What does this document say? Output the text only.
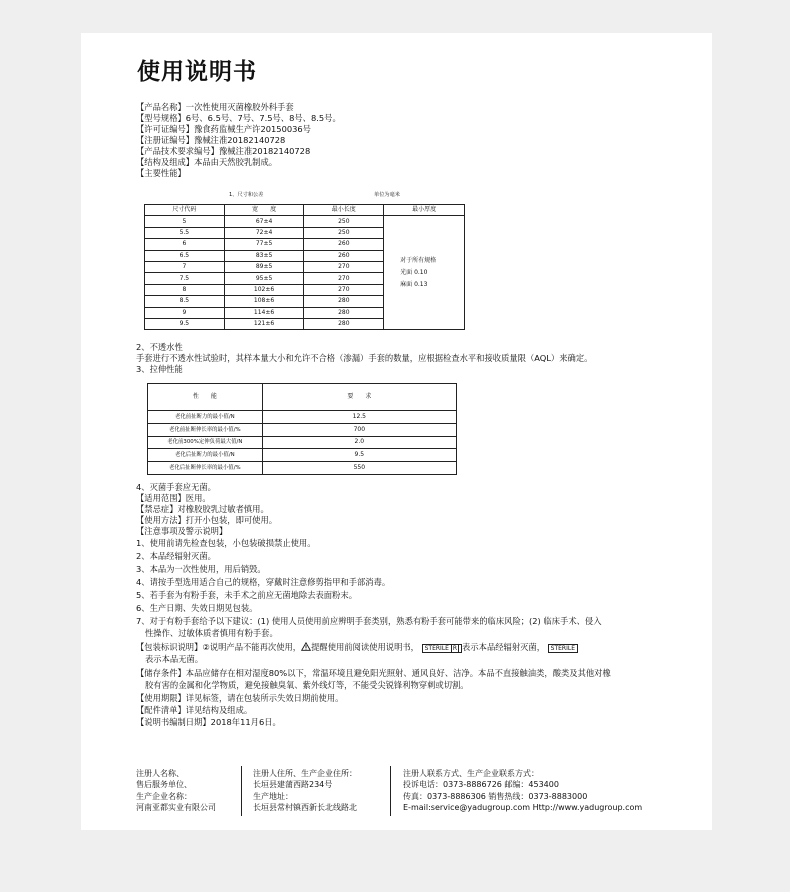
使用说明书
【产品名称】一次性使用灭菌橡胶外科手套
【型号规格】6号、6.5号、7号、7.5号、8号、8.5号。
【许可证编号】豫食药监械生产许20150036号
【注册证编号】豫械注准20182140728
【产品技术要求编号】豫械注准20182140728
【结构及组成】本品由天然胶乳制成。
【主要性能】
1、尺寸和公差	单位为毫米
尺寸代码	宽　　度	最小长度	最小厚度
5	67±4	250	对于所有规格
光面 0.10
麻面 0.13

5.5	72±4	250	
6	77±5	260	
6.5	83±5	260	
7	89±5	270	
7.5	95±5	270	
8	102±6	270	
8.5	108±6	280	
9	114±6	280	
9.5	121±6	280	
2、不透水性
手套进行不透水性试验时，其样本量大小和允许不合格（渗漏）手套的数量，应根据检查水平和接收质量限（AQL）来确定。
3、拉伸性能
性　　能	要　　求
老化前扯断力的最小值/N	12.5
老化前扯断伸长率的最小值/%	700
老化前300%定伸负荷最大值/N	2.0
老化后扯断力的最小值/N	9.5
老化后扯断伸长率的最小值/%	550
4、灭菌手套应无菌。
【适用范围】医用。
【禁忌症】对橡胶胶乳过敏者慎用。
【使用方法】打开小包装，即可使用。
【注意事项及警示说明】
1、使用前请先检查包装，小包装破损禁止使用。
2、本品经辐射灭菌。
3、本品为一次性使用，用后销毁。
4、请按手型选用适合自己的规格，穿戴时注意修剪指甲和手部消毒。
5、若手套为有粉手套，未手术之前应无菌地除去表面粉末。
6、生产日期、失效日期见包装。
7、对于有粉手套给予以下建议：(1) 使用人员使用前应辨明手套类别，熟悉有粉手套可能带来的临床风险；(2) 临床手术、侵入
性操作、过敏体质者慎用有粉手套。
【包装标识说明】②说明产品不能再次使用， 提醒使用前阅读使用说明书， STERILE R 表示本品经辐射灭菌， STERILE
表示本品无菌。
【储存条件】本品应储存在相对湿度80%以下，常温环境且避免阳光照射、通风良好、洁净。本品不直接触油类，酸类及其他对橡
胶有害的金属和化学物质，避免接触臭氧、紫外线灯等，不能受尖锐锋利物穿刺或切割。
【使用期限】详见标签，请在包装所示失效日期前使用。
【配件清单】详见结构及组成。
【说明书编制日期】2018年11月6日。
注册人名称、
售后服务单位、
生产企业名称：
河南亚都实业有限公司
注册人住所、生产企业住所：
长垣县建蒲西路234号
生产地址：
长垣县常村镇西新长北线路北
注册人联系方式、生产企业联系方式：
投诉电话：0373-8886726 邮编：453400
传真：0373-8886306 销售热线：0373-8883000
E-mail:service@yadugroup.com Http://www.yadugroup.com
